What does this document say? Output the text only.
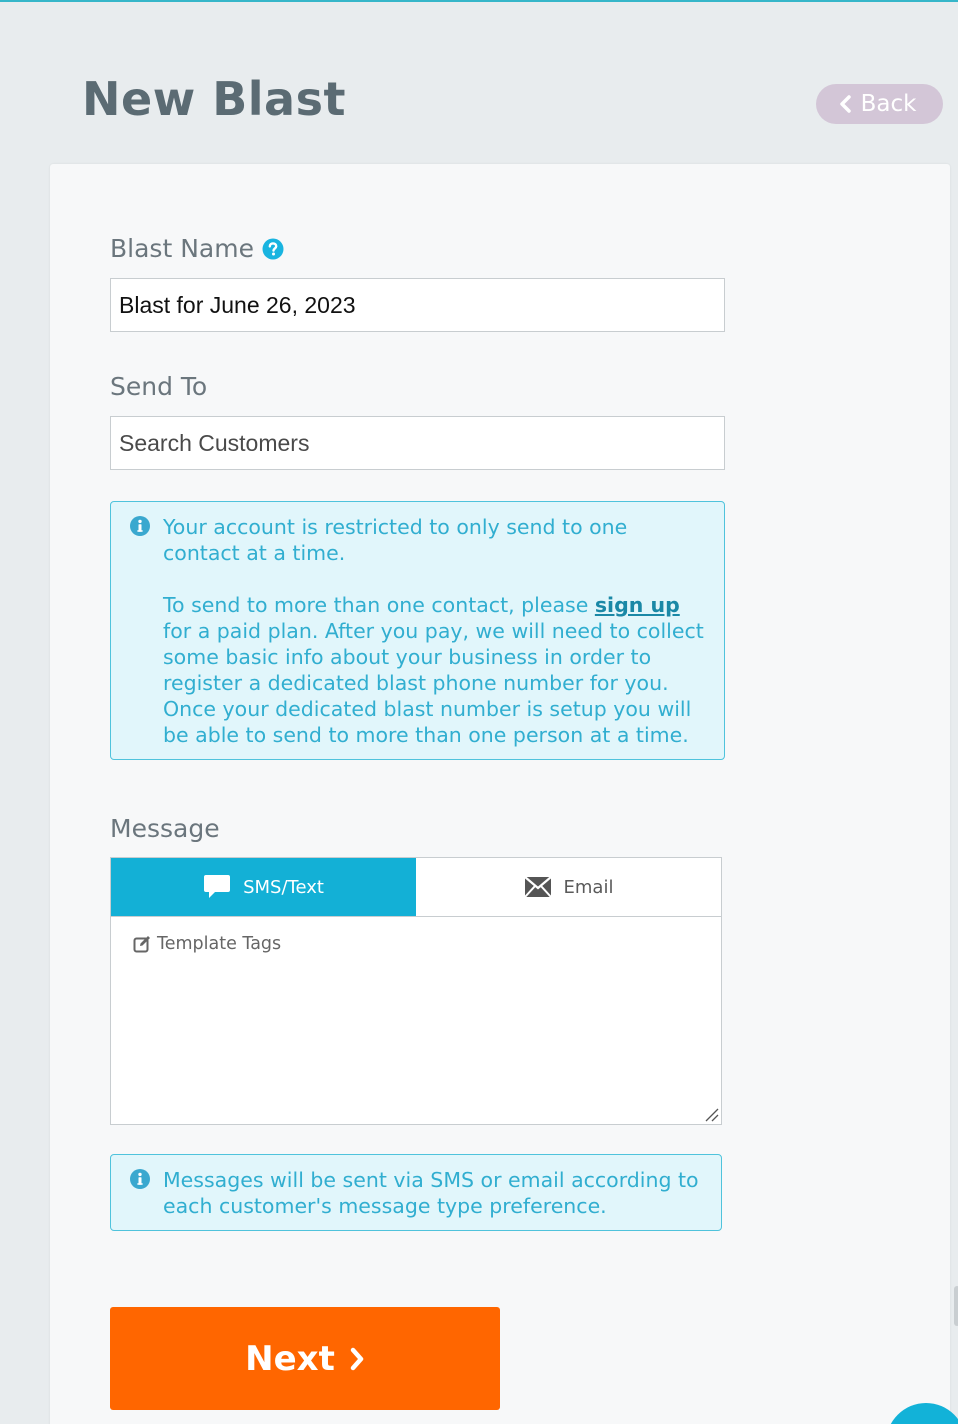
New Blast	Back
Blast Name
Blast for June 26, 2023
Send To
Search Customers

Your account is restricted to only send to one contact at a time.

To send to more than one contact, please sign up for a paid plan. After you pay, we will need to collect some basic info about your business in order to register a dedicated blast phone number for you. Once your dedicated blast number is setup you will be able to send to more than one person at a time.

Message
SMS/Text	Email
Template Tags

Messages will be sent via SMS or email according to each customer's message type preference.

Next
